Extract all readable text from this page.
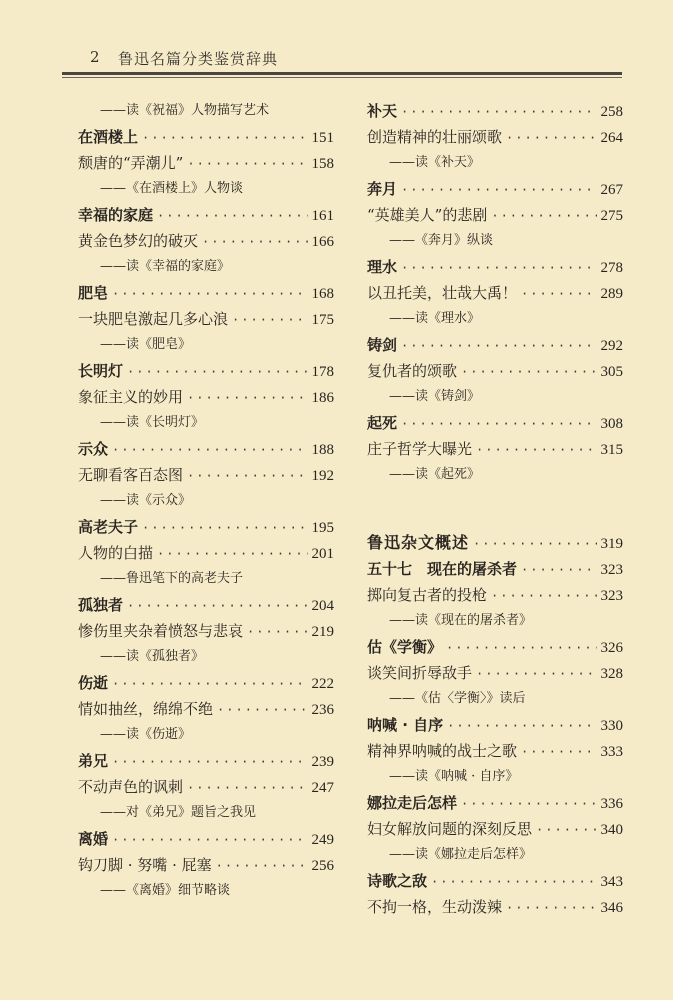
2 鲁迅名篇分类鉴赏辞典
——读《祝福》人物描写艺术
在酒楼上 ·····	151
颓唐的“弄潮儿” ·····	158
——《在酒楼上》人物谈
幸福的家庭 ·····	161
黄金色梦幻的破灭 ·····	166
——读《幸福的家庭》
肥皂 ·····	168
一块肥皂激起几多心浪 ·····	175
——读《肥皂》
长明灯 ·····	178
象征主义的妙用 ·····	186
——读《长明灯》
示众 ·····	188
无聊看客百态图 ·····	192
——读《示众》
高老夫子 ·····	195
人物的白描 ·····	201
——鲁迅笔下的高老夫子
孤独者 ·····	204
惨伤里夹杂着愤怒与悲哀 ·····	219
——读《孤独者》
伤逝 ·····	222
情如抽丝，绵绵不绝 ·····	236
——读《伤逝》
弟兄 ·····	239
不动声色的讽刺 ·····	247
——对《弟兄》题旨之我见
离婚 ·····	249
钩刀脚 · 努嘴 · 屁塞 ·····	256
——《离婚》细节略谈
补天 ·····	258
创造精神的壮丽颂歌 ·····	264
——读《补天》
奔月 ·····	267
“英雄美人”的悲剧 ·····	275
——《奔月》纵谈
理水 ·····	278
以丑托美，壮哉大禹！ ·····	289
——读《理水》
铸剑 ·····	292
复仇者的颂歌 ·····	305
——读《铸剑》
起死 ·····	308
庄子哲学大曝光 ·····	315
——读《起死》
鲁迅杂文概述 ·····	319
五十七　现在的屠杀者 ·····	323
掷向复古者的投枪 ·····	323
——读《现在的屠杀者》
估《学衡》 ·····	326
谈笑间折辱敌手 ·····	328
——《估〈学衡〉》读后
呐喊 · 自序 ·····	330
精神界呐喊的战士之歌 ·····	333
——读《呐喊 · 自序》
娜拉走后怎样 ·····	336
妇女解放问题的深刻反思 ·····	340
——读《娜拉走后怎样》
诗歌之敌 ·····	343
不拘一格，生动泼辣 ·····	346
